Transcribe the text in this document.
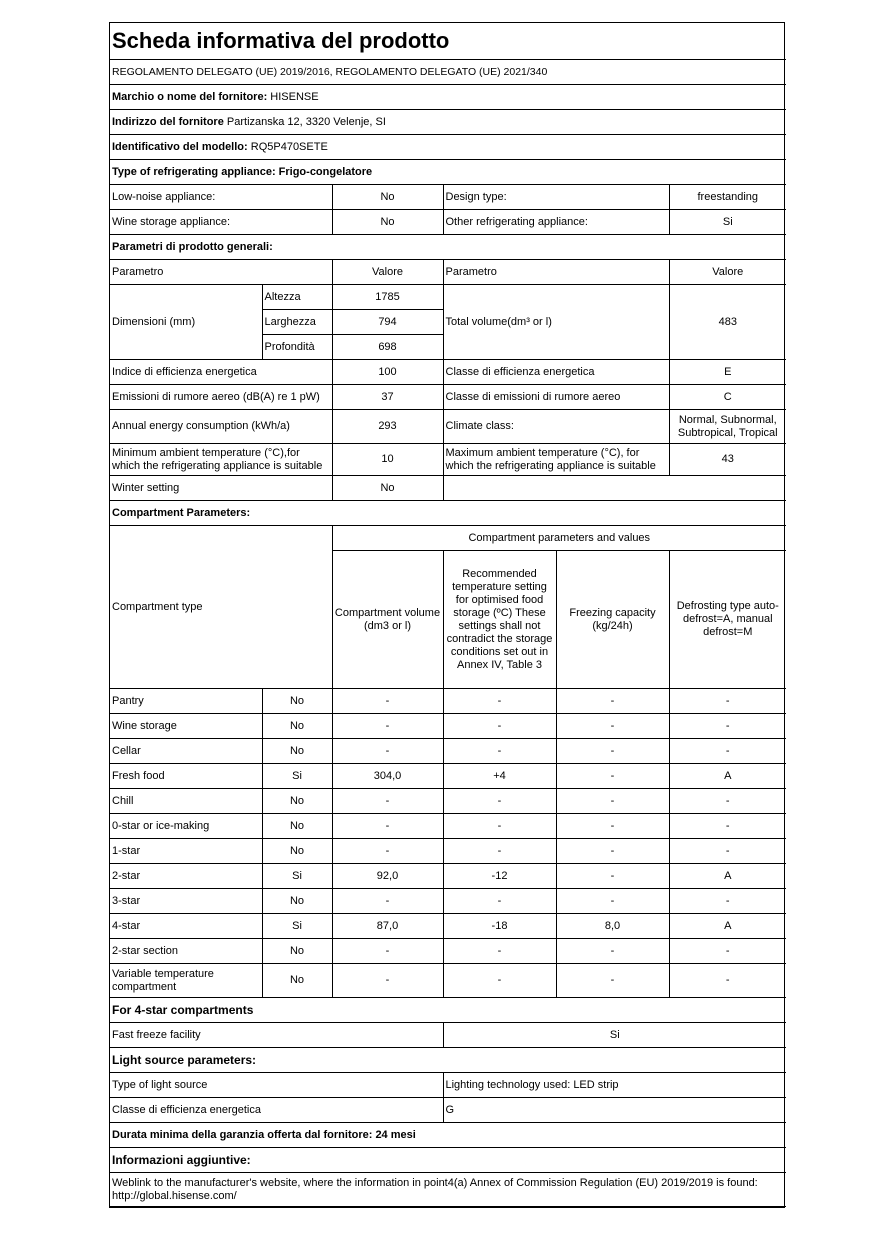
Scheda informativa del prodotto					
REGOLAMENTO DELEGATO (UE) 2019/2016, REGOLAMENTO DELEGATO (UE) 2021/340					
Marchio o nome del fornitore: HISENSE					
Indirizzo del fornitore Partizanska 12, 3320 Velenje, SI					
Identificativo del modello: RQ5P470SETE					
Type of refrigerating appliance: Frigo-congelatore					
Low-noise appliance:		No	Design type:		freestanding
Wine storage appliance:		No	Other refrigerating appliance:		Si
Parametri di prodotto generali:					
Parametro		Valore	Parametro		Valore
Dimensioni (mm)	Altezza	1785	Total volume(dm³ or l)		483
	Larghezza	794			
	Profondità	698			
Indice di efficienza energetica		100	Classe di efficienza energetica		E
Emissioni di rumore aereo (dB(A) re 1 pW)		37	Classe di emissioni di rumore aereo		C
Annual energy consumption (kWh/a)		293	Climate class:		Normal, Subnormal, Subtropical, Tropical
Minimum ambient temperature (°C),for which the refrigerating appliance is suitable		10	Maximum ambient temperature (°C), for which the refrigerating appliance is suitable		43
Winter setting		No			
Compartment Parameters:					
Compartment type		Compartment parameters and values			
		Compartment volume (dm3 or l)	Recommended temperature setting for optimised food storage (ºC) These settings shall not contradict the storage conditions set out in Annex IV, Table 3	Freezing capacity (kg/24h)	Defrosting type auto-defrost=A, manual defrost=M
Pantry	No	-	-	-	-
Wine storage	No	-	-	-	-
Cellar	No	-	-	-	-
Fresh food	Si	304,0	+4	-	A
Chill	No	-	-	-	-
0-star or ice-making	No	-	-	-	-
1-star	No	-	-	-	-
2-star	Si	92,0	-12	-	A
3-star	No	-	-	-	-
4-star	Si	87,0	-18	8,0	A
2-star section	No	-	-	-	-
Variable temperature compartment	No	-	-	-	-
For 4-star compartments					
Fast freeze facility			Si		
Light source parameters:					
Type of light source			Lighting technology used: LED strip		
Classe di efficienza energetica			G		
Durata minima della garanzia offerta dal fornitore: 24 mesi					
Informazioni aggiuntive:					
Weblink to the manufacturer's website, where the information in point4(a) Annex of Commission Regulation (EU) 2019/2019 is found: http://global.hisense.com/					
